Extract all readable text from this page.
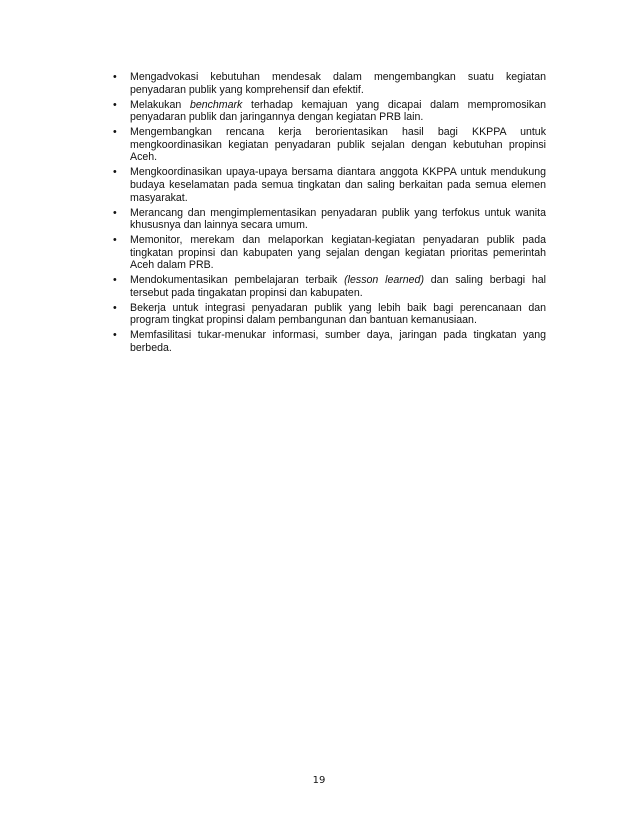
• Mengadvokasi kebutuhan mendesak dalam mengembangkan suatu kegiatan penyadaran publik yang komprehensif dan efektif.
• Melakukan benchmark terhadap kemajuan yang dicapai dalam mempromosikan penyadaran publik dan jaringannya dengan kegiatan PRB lain.
• Mengembangkan rencana kerja berorientasikan hasil bagi KKPPA untuk mengkoordinasikan kegiatan penyadaran publik sejalan dengan kebutuhan propinsi Aceh.
• Mengkoordinasikan upaya-upaya bersama diantara anggota KKPPA untuk mendukung budaya keselamatan pada semua tingkatan dan saling berkaitan pada semua elemen masyarakat.
• Merancang dan mengimplementasikan penyadaran publik yang terfokus untuk wanita khususnya dan lainnya secara umum.
• Memonitor, merekam dan melaporkan kegiatan-kegiatan penyadaran publik pada tingkatan propinsi dan kabupaten yang sejalan dengan kegiatan prioritas pemerintah Aceh dalam PRB.
• Mendokumentasikan pembelajaran terbaik (lesson learned) dan saling berbagi hal tersebut pada tingakatan propinsi dan kabupaten.
• Bekerja untuk integrasi penyadaran publik yang lebih baik bagi perencanaan dan program tingkat propinsi dalam pembangunan dan bantuan kemanusiaan.
• Memfasilitasi tukar-menukar informasi, sumber daya, jaringan pada tingkatan yang berbeda.
19
